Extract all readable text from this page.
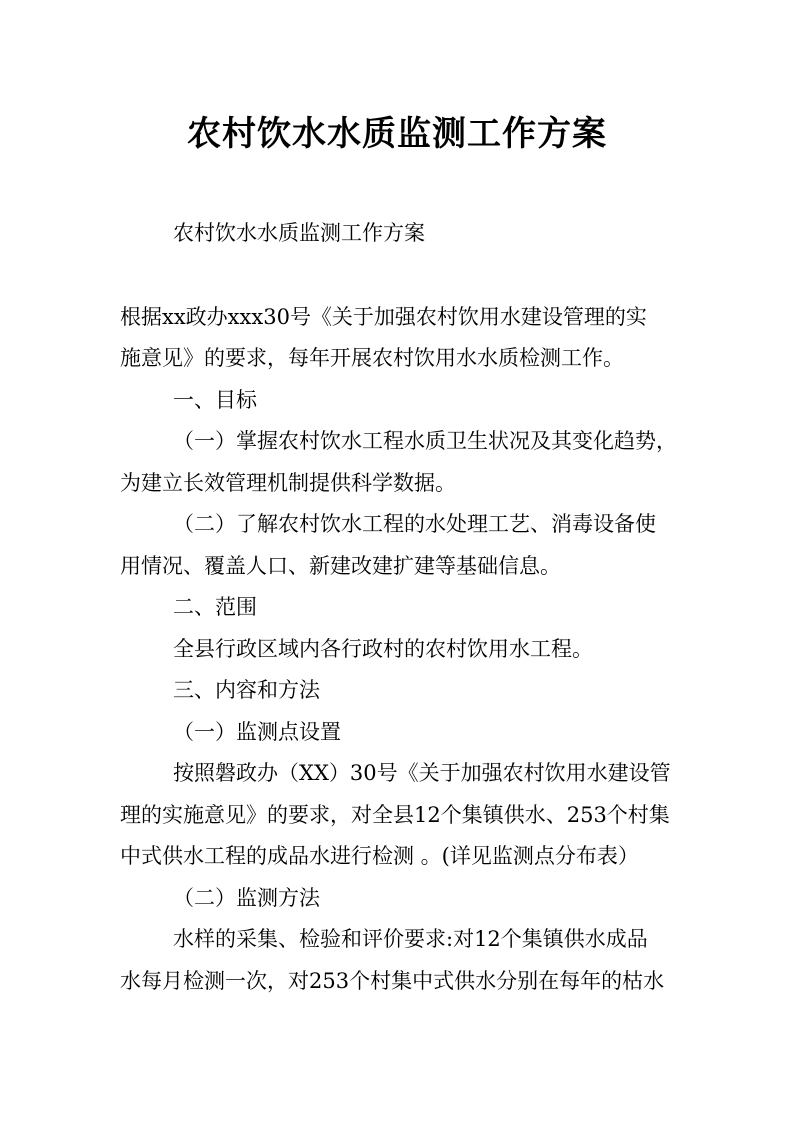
农村饮水水质监测工作方案
农村饮水水质监测工作方案
根据xx政办xxx30号《关于加强农村饮用水建设管理的实
施意见》的要求，每年开展农村饮用水水质检测工作。
一、目标
（一）掌握农村饮水工程水质卫生状况及其变化趋势，
为建立长效管理机制提供科学数据。
（二）了解农村饮水工程的水处理工艺、消毒设备使
用情况、覆盖人口、新建改建扩建等基础信息。
二、范围
全县行政区域内各行政村的农村饮用水工程。
三、内容和方法
（一）监测点设置
按照磐政办（XX）30号《关于加强农村饮用水建设管
理的实施意见》的要求，对全县12个集镇供水、253个村集
中式供水工程的成品水进行检测 。(详见监测点分布表）
（二）监测方法
水样的采集、检验和评价要求:对12个集镇供水成品
水每月检测一次，对253个村集中式供水分别在每年的枯水
